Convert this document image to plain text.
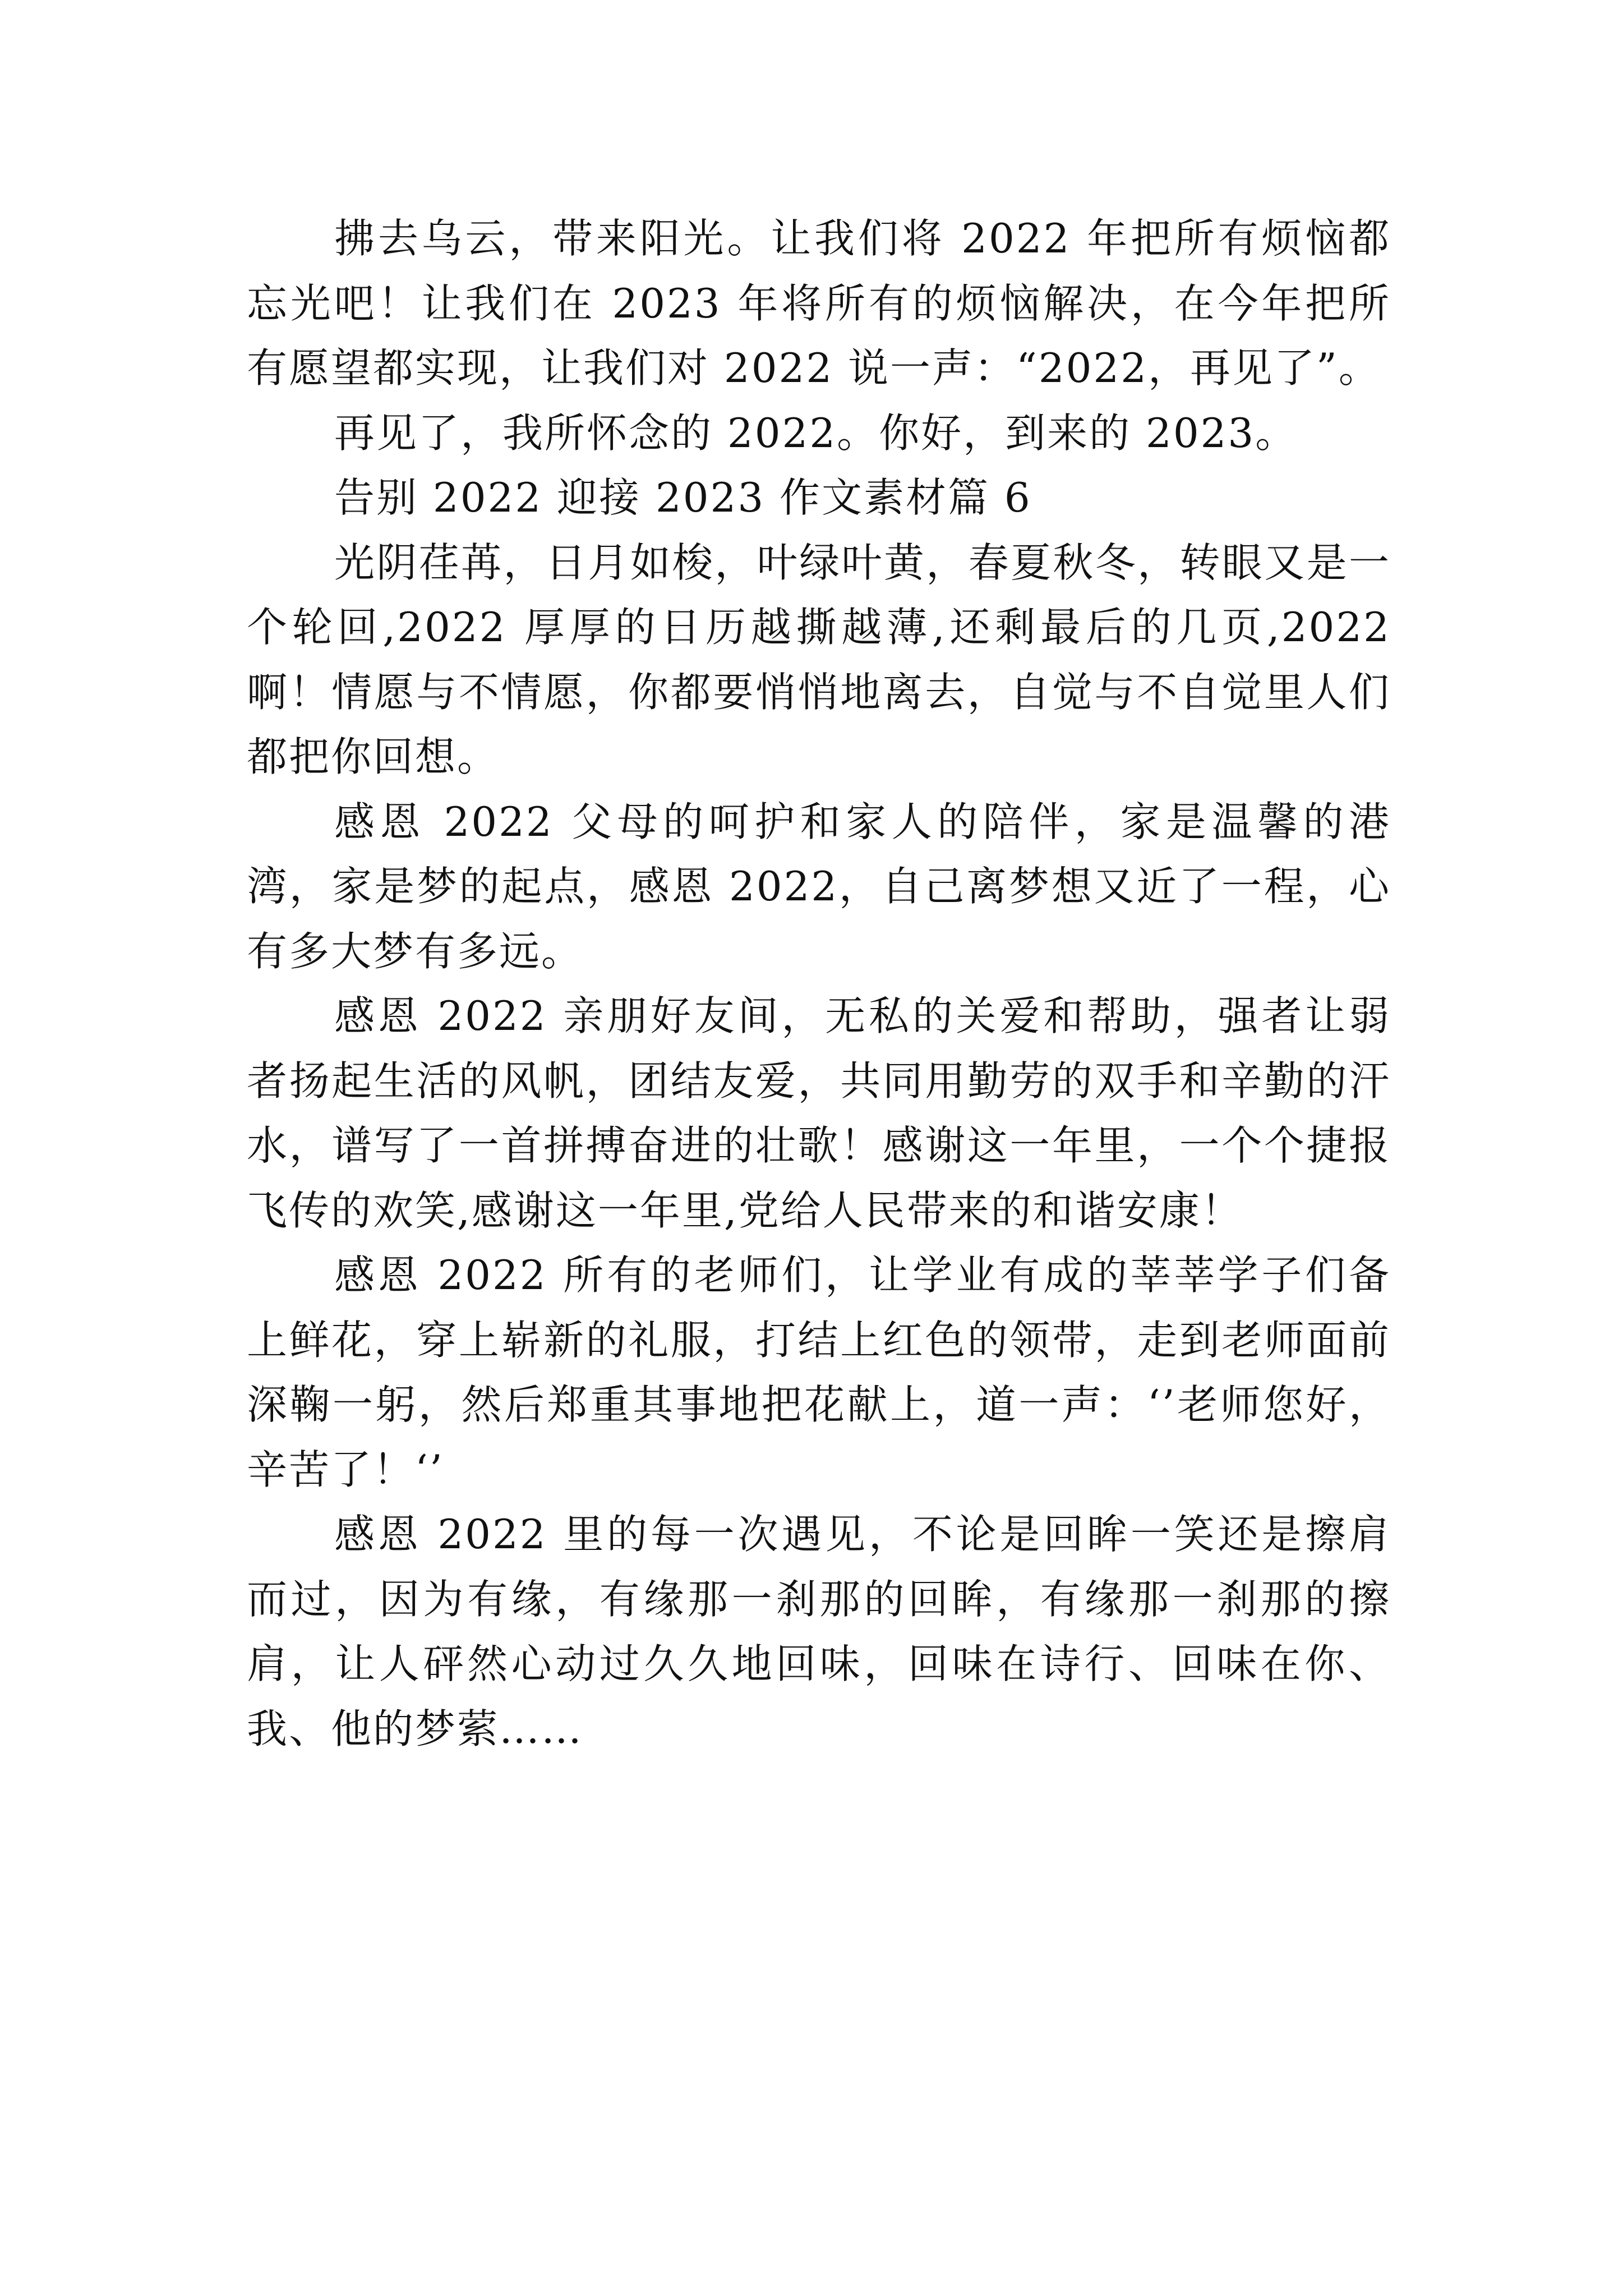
拂去乌云，带来阳光。让我们将 2022 年把所有烦恼都忘光吧！让我们在 2023 年将所有的烦恼解决，在今年把所有愿望都实现，让我们对 2022 说一声：“2022，再见了”。

再见了，我所怀念的 2022。你好，到来的 2023。

告别 2022 迎接 2023 作文素材篇 6

光阴荏苒，日月如梭，叶绿叶黄，春夏秋冬，转眼又是一个轮回,2022 厚厚的日历越撕越薄,还剩最后的几页,2022 啊！情愿与不情愿，你都要悄悄地离去，自觉与不自觉里人们都把你回想。

感恩 2022 父母的呵护和家人的陪伴，家是温馨的港湾，家是梦的起点，感恩 2022，自己离梦想又近了一程，心有多大梦有多远。

感恩 2022 亲朋好友间，无私的关爱和帮助，强者让弱者扬起生活的风帆，团结友爱，共同用勤劳的双手和辛勤的汗水，谱写了一首拼搏奋进的壮歌！感谢这一年里，一个个捷报飞传的欢笑,感谢这一年里,党给人民带来的和谐安康！

感恩 2022 所有的老师们，让学业有成的莘莘学子们备上鲜花，穿上崭新的礼服，打结上红色的领带，走到老师面前深鞠一躬，然后郑重其事地把花献上，道一声：‘’老师您好，辛苦了！‘’

感恩 2022 里的每一次遇见，不论是回眸一笑还是擦肩而过，因为有缘，有缘那一刹那的回眸，有缘那一刹那的擦肩，让人砰然心动过久久地回味，回味在诗行、回味在你、我、他的梦萦……
